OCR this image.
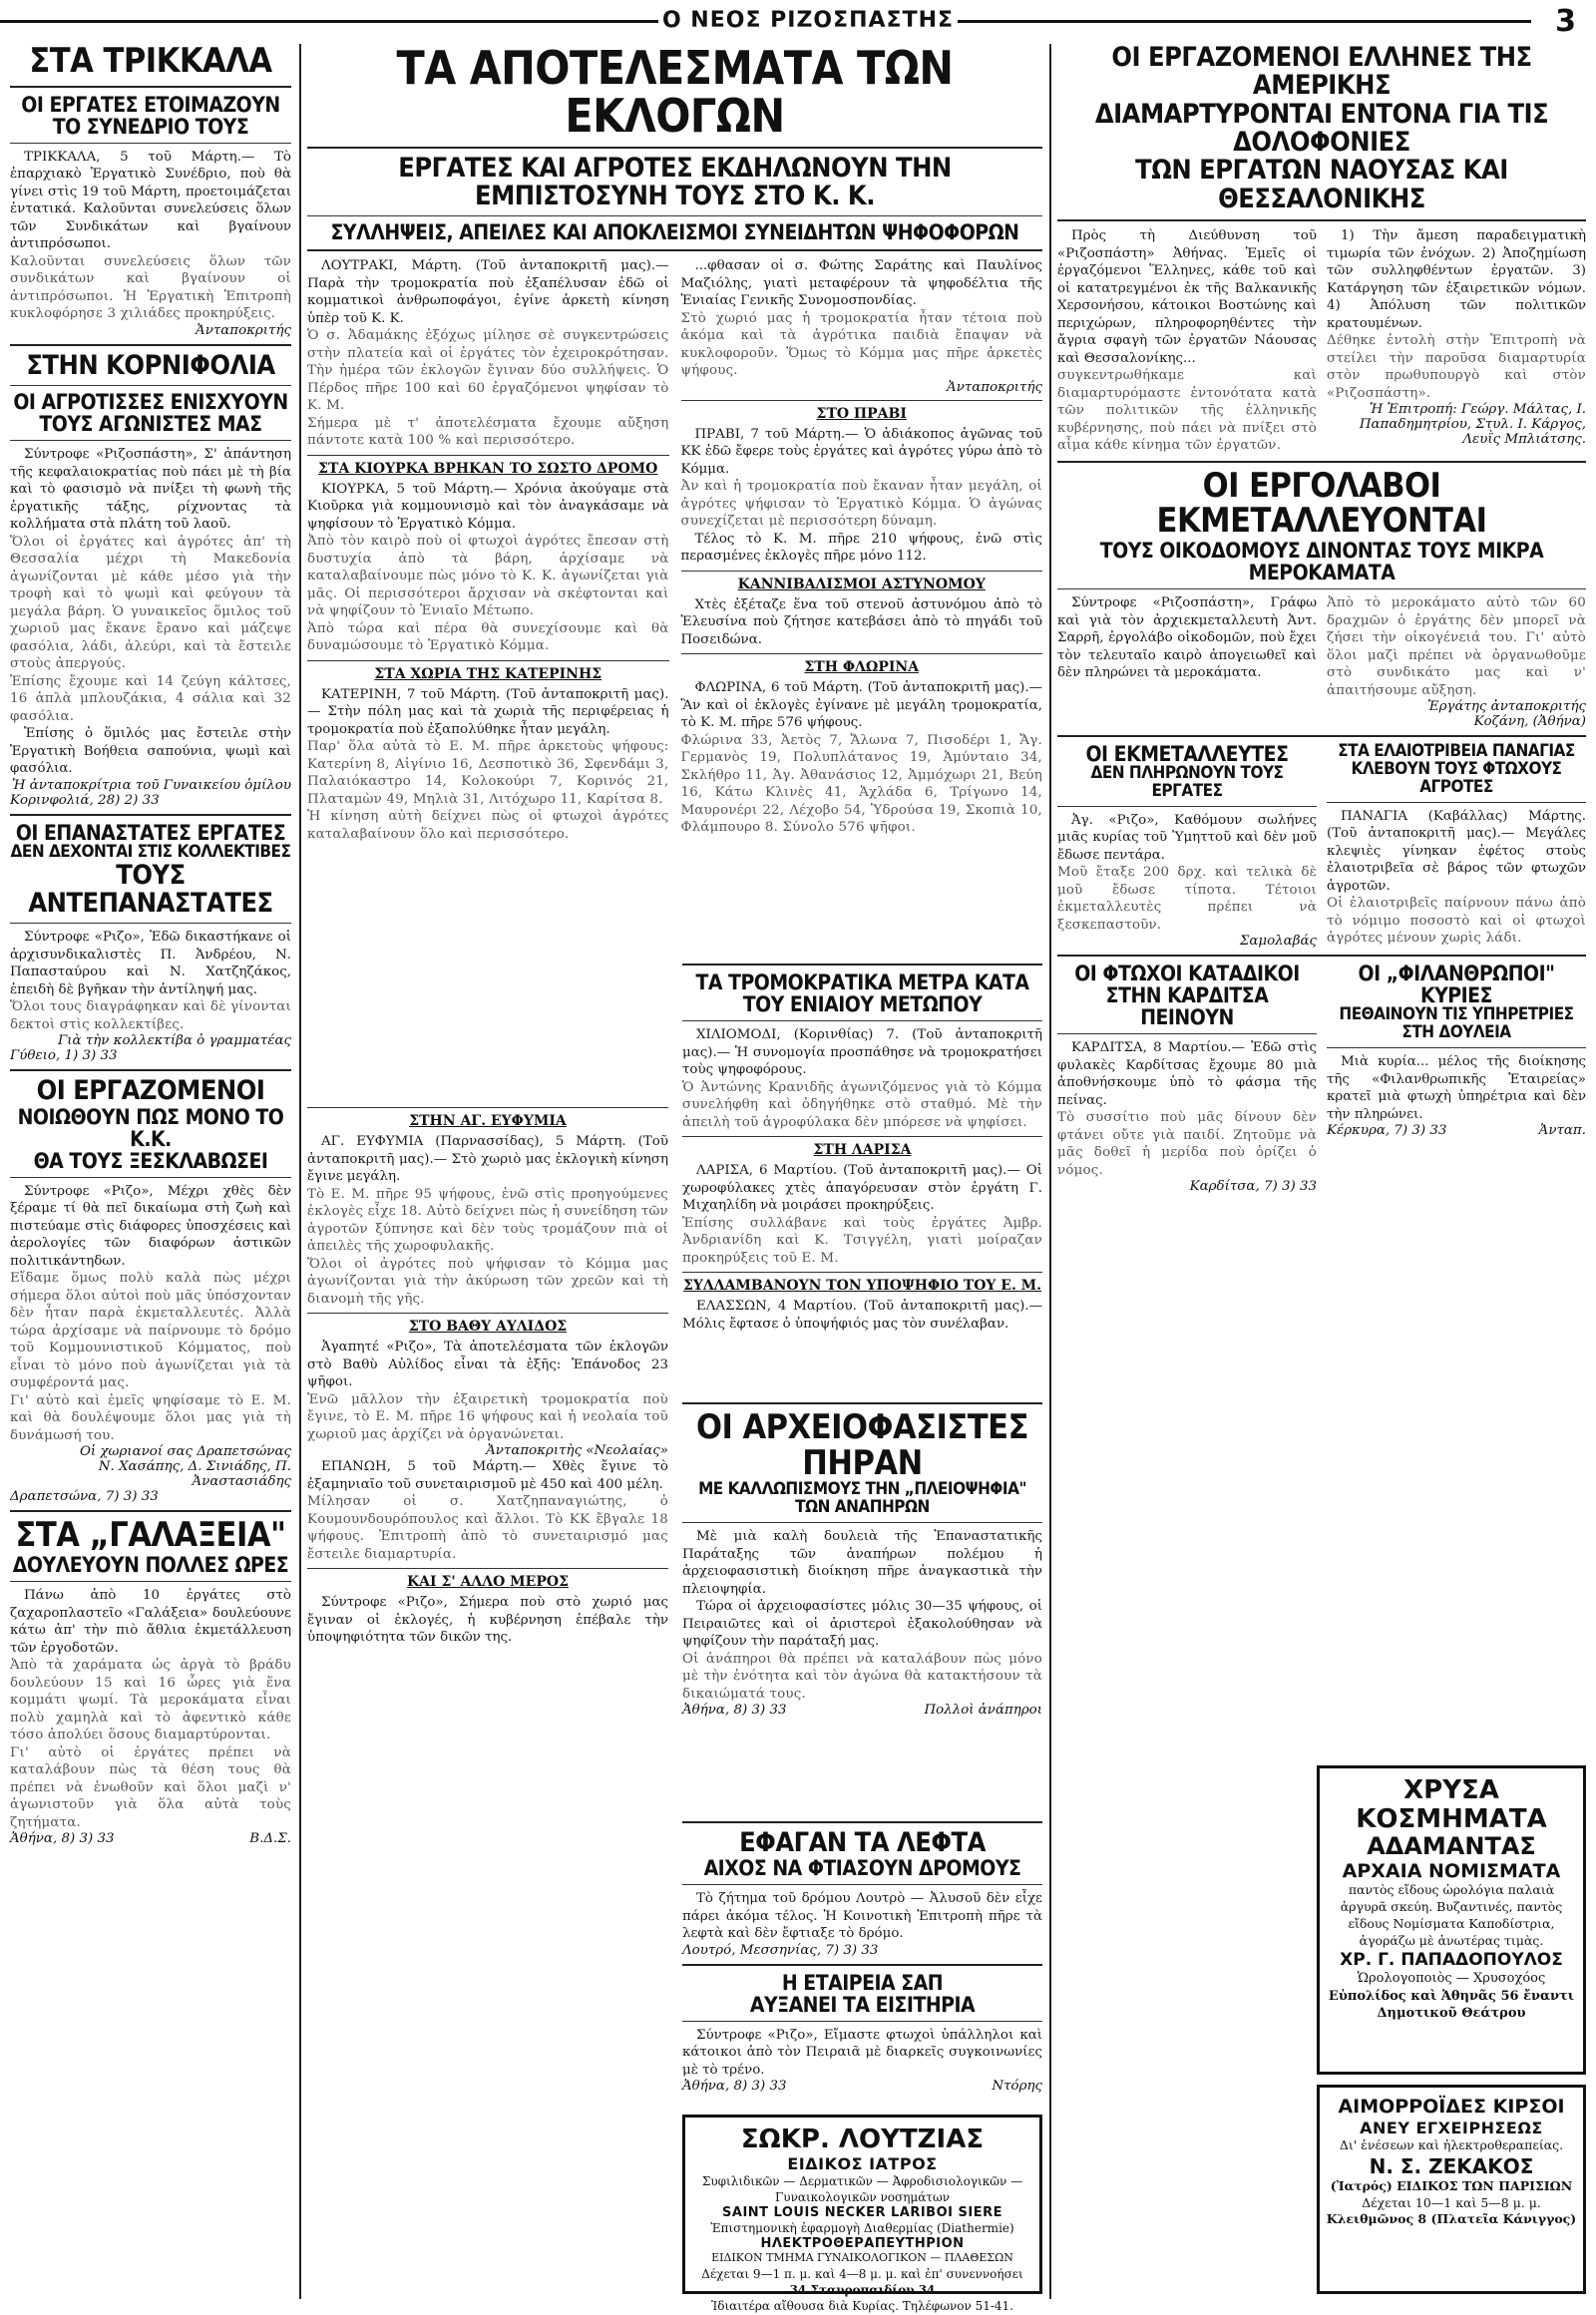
Ο ΝΕΟΣ ΡΙΖΟΣΠΑΣΤΗΣ	3
ΣΤΑ ΤΡΙΚΚΑΛΑ
ΟΙ ΕΡΓΑΤΕΣ ΕΤΟΙΜΑΖΟΥΝ ΤΟ ΣΥΝΕΔΡΙΟ ΤΟΥΣ

ΤΡΙΚΚΑΛΑ, 5 τοῦ Μάρτη.— Τὸ ἐπαρχιακὸ Ἐργατικὸ Συνέδριο, ποὺ θὰ γίνει στὶς 19 τοῦ Μάρτη, προετοιμάζεται ἐντατικά. Καλοῦνται συνελεύσεις ὅλων τῶν Συνδικάτων καὶ βγαίνουν ἀντιπρόσωποι.

Καλοῦνται συνελεύσεις ὅλων τῶν συνδικάτων καὶ βγαίνουν οἱ ἀντιπρόσωποι. Ἡ Ἐργατικὴ Ἐπιτροπὴ κυκλοφόρησε 3 χιλιάδες προκηρύξεις.
Ἀνταποκριτής
ΣΤΗΝ ΚΟΡΝΙΦΟΛΙΑ
ΟΙ ΑΓΡΟΤΙΣΣΕΣ ΕΝΙΣΧΥΟΥΝ ΤΟΥΣ ΑΓΩΝΙΣΤΕΣ ΜΑΣ

Σύντροφε «Ριζοσπάστη», Σ' ἀπάντηση τῆς κεφαλαιοκρατίας ποὺ πάει μὲ τὴ βία καὶ τὸ φασισμὸ νὰ πνίξει τὴ φωνὴ τῆς ἐργατικῆς τάξης, ρίχνοντας τὰ κολλήματα στὰ πλάτη τοῦ λαοῦ.

Ὅλοι οἱ ἐργάτες καὶ ἀγρότες ἀπ' τὴ Θεσσαλία μέχρι τὴ Μακεδονία ἀγωνίζονται μὲ κάθε μέσο γιὰ τὴν τροφὴ καὶ τὸ ψωμὶ καὶ φεύγουν τὰ μεγάλα βάρη. Ὁ γυναικεῖος ὅμιλος τοῦ χωριοῦ μας ἔκανε ἔρανο καὶ μάζεψε φασόλια, λάδι, ἀλεύρι, καὶ τὰ ἔστειλε στοὺς ἀπεργούς.
Ἐπίσης ἔχουμε καὶ 14 ζεύγη κάλτσες, 16 ἁπλὰ μπλουζάκια, 4 σάλια καὶ 32 φασόλια.

Ἐπίσης ὁ ὅμιλός μας ἔστειλε στὴν Ἐργατικὴ Βοήθεια σαπούνια, ψωμὶ καὶ φασόλια.

Ἡ ἀνταποκρίτρια τοῦ Γυναικείου ὁμίλου
Κορινφολιά, 28) 2) 33
ΟΙ ΕΠΑΝΑΣΤΑΤΕΣ ΕΡΓΑΤΕΣ
ΔΕΝ ΔΕΧΟΝΤΑΙ ΣΤΙΣ ΚΟΛΛΕΚΤΙΒΕΣ
ΤΟΥΣ ΑΝΤΕΠΑΝΑΣΤΑΤΕΣ

Σύντροφε «Ριζο», Ἐδῶ δικαστήκανε οἱ ἀρχισυνδικαλιστὲς Π. Ἀνδρέου, Ν. Παπασταύρου καὶ Ν. Χατζηζάκος, ἐπειδὴ δὲ βγῆκαν τὴν ἀντίληψή μας.

Ὅλοι τους διαγράφηκαν καὶ δὲ γίνονται δεκτοὶ στὶς κολλεκτίβες.
Γιὰ τὴν κολλεκτίβα ὁ γραμματέας
Γύθειο, 1) 3) 33
ΟΙ ΕΡΓΑΖΟΜΕΝΟΙ
ΝΟΙΩΘΟΥΝ ΠΩΣ ΜΟΝΟ ΤΟ Κ.Κ.
ΘΑ ΤΟΥΣ ΞΕΣΚΛΑΒΩΣΕΙ

Σύντροφε «Ριζο», Μέχρι χθὲς δὲν ξέραμε τί θὰ πεῖ δικαίωμα στὴ ζωὴ καὶ πιστεύαμε στὶς διάφορες ὑποσχέσεις καὶ ἀερολογίες τῶν διαφόρων ἀστικῶν πολιτικάντηδων.

Εἴδαμε ὅμως πολὺ καλὰ πὼς μέχρι σήμερα ὅλοι αὐτοὶ ποὺ μᾶς ὑπόσχονταν δὲν ἦταν παρὰ ἐκμεταλλευτές. Ἀλλὰ τώρα ἀρχίσαμε νὰ παίρνουμε τὸ δρόμο τοῦ Κομμουνιστικοῦ Κόμματος, ποὺ εἶναι τὸ μόνο ποὺ ἀγωνίζεται γιὰ τὰ συμφέροντά μας.
Γι' αὐτὸ καὶ ἐμεῖς ψηφίσαμε τὸ Ε. Μ. καὶ θὰ δουλέψουμε ὅλοι μας γιὰ τὴ δυνάμωσή του.
Οἱ χωριανοί σας Δραπετσώνας
Ν. Χασάπης, Δ. Σινιάδης, Π. Ἀναστασιάδης
Δραπετσώνα, 7) 3) 33
ΣΤΑ „ΓΑΛΑΞΕΙΑ"
ΔΟΥΛΕΥΟΥΝ ΠΟΛΛΕΣ ΩΡΕΣ

Πάνω ἀπὸ 10 ἐργάτες στὸ ζαχαροπλαστεῖο «Γαλάξεια» δουλεύουνε κάτω ἀπ' τὴν πιὸ ἄθλια ἐκμετάλλευση τῶν ἐργοδοτῶν.

Ἀπὸ τὰ χαράματα ὡς ἀργὰ τὸ βράδυ δουλεύουν 15 καὶ 16 ὧρες γιὰ ἕνα κομμάτι ψωμί. Τὰ μεροκάματα εἶναι πολὺ χαμηλὰ καὶ τὸ ἀφεντικὸ κάθε τόσο ἀπολύει ὅσους διαμαρτύρονται.
Γι' αὐτὸ οἱ ἐργάτες πρέπει νὰ καταλάβουν πὼς τὰ θέση τους θὰ πρέπει νὰ ἑνωθοῦν καὶ ὅλοι μαζὶ ν' ἀγωνιστοῦν γιὰ ὅλα αὐτὰ τοὺς ζητήματα.
Ἀθήνα, 8) 3) 33	Β.Δ.Σ.
ΤΑ ΑΠΟΤΕΛΕΣΜΑΤΑ ΤΩΝ ΕΚΛΟΓΩΝ
ΕΡΓΑΤΕΣ ΚΑΙ ΑΓΡΟΤΕΣ ΕΚΔΗΛΩΝΟΥΝ ΤΗΝ ΕΜΠΙΣΤΟΣΥΝΗ ΤΟΥΣ ΣΤΟ Κ. Κ.
ΣΥΛΛΗΨΕΙΣ, ΑΠΕΙΛΕΣ ΚΑΙ ΑΠΟΚΛΕΙΣΜΟΙ ΣΥΝΕΙΔΗΤΩΝ ΨΗΦΟΦΟΡΩΝ

ΛΟΥΤΡΑΚΙ, Μάρτη. (Τοῦ ἀνταποκριτῆ μας).— Παρὰ τὴν τρομοκρατία ποὺ ἐξαπέλυσαν ἐδῶ οἱ κομματικοὶ ἀνθρωποφάγοι, ἐγίνε ἀρκετὴ κίνηση ὑπὲρ τοῦ Κ. Κ.

Ὁ σ. Ἀδαμάκης ἐξόχως μίλησε σὲ συγκεντρώσεις στὴν πλατεία καὶ οἱ ἐργάτες τὸν ἐχειροκρότησαν. Τὴν ἡμέρα τῶν ἐκλογῶν ἔγιναν δύο συλλήψεις. Ὁ Πέρδος πῆρε 100 καὶ 60 ἐργαζόμενοι ψηφίσαν τὸ Κ. Μ.
Σήμερα μὲ τ' ἀποτελέσματα ἔχουμε αὔξηση πάντοτε κατὰ 100 % καὶ περισσότερο.
ΣΤΑ ΚΙΟΥΡΚΑ ΒΡΗΚΑΝ ΤΟ ΣΩΣΤΟ ΔΡΟΜΟ

ΚΙΟΥΡΚΑ, 5 τοῦ Μάρτη.— Χρόνια ἀκούγαμε στὰ Κιοῦρκα γιὰ κομμουνισμὸ καὶ τὸν ἀναγκάσαμε νὰ ψηφίσουν τὸ Ἐργατικὸ Κόμμα.

Ἀπὸ τὸν καιρὸ ποὺ οἱ φτωχοὶ ἀγρότες ἔπεσαν στὴ δυστυχία ἀπὸ τὰ βάρη, ἀρχίσαμε νὰ καταλαβαίνουμε πὼς μόνο τὸ Κ. Κ. ἀγωνίζεται γιὰ μᾶς. Οἱ περισσότεροι ἄρχισαν νὰ σκέφτονται καὶ νὰ ψηφίζουν τὸ Ἑνιαῖο Μέτωπο.
Ἀπὸ τώρα καὶ πέρα θὰ συνεχίσουμε καὶ θὰ δυναμώσουμε τὸ Ἐργατικὸ Κόμμα.
ΣΤΑ ΧΩΡΙΑ ΤΗΣ ΚΑΤΕΡΙΝΗΣ

ΚΑΤΕΡΙΝΗ, 7 τοῦ Μάρτη. (Τοῦ ἀνταποκριτῆ μας).— Στὴν πόλη μας καὶ τὰ χωριὰ τῆς περιφέρειας ἡ τρομοκρατία ποὺ ἐξαπολύθηκε ἦταν μεγάλη.

Παρ' ὅλα αὐτὰ τὸ Ε. Μ. πῆρε ἀρκετοὺς ψήφους: Κατερίνη 8, Αἰγίνιο 16, Δεσποτικὸ 36, Σφενδάμι 3, Παλαιόκαστρο 14, Κολοκούρι 7, Κορινός 21, Πλαταμὼν 49, Μηλιὰ 31, Λιτόχωρο 11, Καρίτσα 8.
Ἡ κίνηση αὐτὴ δείχνει πὼς οἱ φτωχοὶ ἀγρότες καταλαβαίνουν ὅλο καὶ περισσότερο.

...φθασαν οἱ σ. Φώτης Σαράτης καὶ Παυλίνος Μαζιόλης, γιατὶ μεταφέρουν τὰ ψηφοδέλτια τῆς Ἑνιαίας Γενικῆς Συνομοσπονδίας.

Στὸ χωριό μας ἡ τρομοκρατία ἦταν τέτοια ποὺ ἀκόμα καὶ τὰ ἀγρότικα παιδιὰ ἔπαψαν νὰ κυκλοφοροῦν. Ὅμως τὸ Κόμμα μας πῆρε ἀρκετὲς ψήφους.
Ἀνταποκριτής
ΣΤΟ ΠΡΑΒΙ

ΠΡΑΒΙ, 7 τοῦ Μάρτη.— Ὁ ἀδιάκοπος ἀγῶνας τοῦ ΚΚ ἐδῶ ἔφερε τοὺς ἐργάτες καὶ ἀγρότες γύρω ἀπὸ τὸ Κόμμα.

Ἀν καὶ ἡ τρομοκρατία ποὺ ἔκαναν ἦταν μεγάλη, οἱ ἀγρότες ψήφισαν τὸ Ἐργατικὸ Κόμμα. Ὁ ἀγώνας συνεχίζεται μὲ περισσότερη δύναμη.

Τέλος τὸ Κ. Μ. πῆρε 210 ψήφους, ἐνῶ στὶς περασμένες ἐκλογὲς πῆρε μόνο 112.

ΚΑΝΝΙΒΑΛΙΣΜΟΙ ΑΣΤΥΝΟΜΟΥ

Χτὲς ἐξέταζε ἕνα τοῦ στενοῦ ἀστυνόμου ἀπὸ τὸ Ἑλευσίνα ποὺ ζήτησε κατεβάσει ἀπὸ τὸ πηγάδι τοῦ Ποσειδώνα.

ΣΤΗ ΦΛΩΡΙΝΑ

ΦΛΩΡΙΝΑ, 6 τοῦ Μάρτη. (Τοῦ ἀνταποκριτῆ μας).— Ἂν καὶ οἱ ἐκλογὲς ἐγίνανε μὲ μεγάλη τρομοκρατία, τὸ Κ. Μ. πῆρε 576 ψήφους.

Φλώρινα 33, Ἀετὸς 7, Ἄλωνα 7, Πισοδέρι 1, Ἄγ. Γερμανὸς 19, Πολυπλάτανος 19, Ἀμύνταιο 34, Σκλήθρο 11, Ἀγ. Ἀθανάσιος 12, Ἀμμόχωρι 21, Βεύη 16, Κάτω Κλινὲς 41, Ἀχλάδα 6, Τρίγωνο 14, Μαυρονέρι 22, Λέχοβο 54, Ὑδρούσα 19, Σκοπιὰ 10, Φλάμπουρο 8. Σύνολο 576 ψῆφοι.
ΣΤΗΝ ΑΓ. ΕΥΦΥΜΙΑ

ΑΓ. ΕΥΦΥΜΙΑ (Παρνασσίδας), 5 Μάρτη. (Τοῦ ἀνταποκριτῆ μας).— Στὸ χωριὸ μας ἐκλογικὴ κίνηση ἔγινε μεγάλη.

Τὸ Ε. Μ. πῆρε 95 ψήφους, ἐνῶ στὶς προηγούμενες ἐκλογὲς εἶχε 18. Αὐτὸ δείχνει πὼς ἡ συνείδηση τῶν ἀγροτῶν ξύπνησε καὶ δὲν τοὺς τρομάζουν πιὰ οἱ ἀπειλὲς τῆς χωροφυλακῆς.
Ὅλοι οἱ ἀγρότες ποὺ ψήφισαν τὸ Κόμμα μας ἀγωνίζονται γιὰ τὴν ἀκύρωση τῶν χρεῶν καὶ τὴ διανομὴ τῆς γῆς.
ΣΤΟ ΒΑΘΥ ΑΥΛΙΔΟΣ

Ἀγαπητέ «Ριζο», Τὰ ἀποτελέσματα τῶν ἐκλογῶν στὸ Βαθὺ Αὐλίδος εἶναι τὰ ἑξῆς: Ἐπάνοδος 23 ψῆφοι.

Ἐνῶ μᾶλλον τὴν ἐξαιρετικὴ τρομοκρατία ποὺ ἔγινε, τὸ Ε. Μ. πῆρε 16 ψήφους καὶ ἡ νεολαία τοῦ χωριοῦ μας ἀρχίζει νὰ ὀργανώνεται.
Ἀνταποκριτὴς «Νεολαίας»

ΕΠΑΝΩΗ, 5 τοῦ Μάρτη.— Χθὲς ἔγινε τὸ ἐξαμηνιαῖο τοῦ συνεταιρισμοῦ μὲ 450 καὶ 400 μέλη.

Μίλησαν οἱ σ. Χατζηπαναγιώτης, ὁ Κουμουνδουρόπουλος καὶ ἄλλοι. Τὸ ΚΚ ἔβγαλε 18 ψήφους. Ἐπιτροπὴ ἀπὸ τὸ συνεταιρισμό μας ἔστειλε διαμαρτυρία.
ΚΑΙ Σ' ΑΛΛΟ ΜΕΡΟΣ

Σύντροφε «Ριζο», Σήμερα ποὺ στὸ χωριό μας ἔγιναν οἱ ἐκλογές, ἡ κυβέρνηση ἐπέβαλε τὴν ὑποψηφιότητα τῶν δικῶν της.

ΤΑ ΤΡΟΜΟΚΡΑΤΙΚΑ ΜΕΤΡΑ ΚΑΤΑ ΤΟΥ ΕΝΙΑΙΟΥ ΜΕΤΩΠΟΥ

ΧΙΛΙΟΜΟΔΙ, (Κορινθίας) 7. (Τοῦ ἀνταποκριτῆ μας).— Ἡ συνομογία προσπάθησε νὰ τρομοκρατήσει τοὺς ψηφοφόρους.

Ὁ Ἀντώνης Κρανιδῆς ἀγωνιζόμενος γιὰ τὸ Κόμμα συνελήφθη καὶ ὁδηγήθηκε στὸ σταθμό. Μὲ τὴν ἀπειλὴ τοῦ ἀγροφύλακα δὲν μπόρεσε νὰ ψηφίσει.
ΣΤΗ ΛΑΡΙΣΑ

ΛΑΡΙΣΑ, 6 Μαρτίου. (Τοῦ ἀνταποκριτῆ μας).— Οἱ χωροφύλακες χτὲς ἀπαγόρευσαν στὸν ἐργάτη Γ. Μιχαηλίδη νὰ μοιράσει προκηρύξεις.

Ἐπίσης συλλάβανε καὶ τοὺς ἐργάτες Ἀμβρ. Ἀνδριανίδη καὶ Κ. Τσιγγέλη, γιατὶ μοίραζαν προκηρύξεις τοῦ Ε. Μ.
ΣΥΛΛΑΜΒΑΝΟΥΝ ΤΟΝ ΥΠΟΨΗΦΙΟ ΤΟΥ Ε. Μ.

ΕΛΑΣΣΩΝ, 4 Μαρτίου. (Τοῦ ἀνταποκριτῆ μας).— Μόλις ἔφτασε ὁ ὑποψήφιός μας τὸν συνέλαβαν.

ΟΙ ΑΡΧΕΙΟΦΑΣΙΣΤΕΣ ΠΗΡΑΝ
ΜΕ ΚΑΛΛΩΠΙΣΜΟΥΣ ΤΗΝ „ΠΛΕΙΟΨΗΦΙΑ" ΤΩΝ ΑΝΑΠΗΡΩΝ

Μὲ μιὰ καλὴ δουλειὰ τῆς Ἐπαναστατικῆς Παράταξης τῶν ἀναπήρων πολέμου ἡ ἀρχειοφασιστικὴ διοίκηση πῆρε ἀναγκαστικὰ τὴν πλειοψηφία.

Τώρα οἱ ἀρχειοφασίστες μόλις 30—35 ψήφους, οἱ Πειραιῶτες καὶ οἱ ἀριστεροὶ ἐξακολούθησαν νὰ ψηφίζουν τὴν παράταξή μας.

Οἱ ἀνάπηροι θὰ πρέπει νὰ καταλάβουν πὼς μόνο μὲ τὴν ἑνότητα καὶ τὸν ἀγώνα θὰ κατακτήσουν τὰ δικαιώματά τους.
Ἀθήνα, 8) 3) 33	Πολλοὶ ἀνάπηροι
ΕΦΑΓΑΝ ΤΑ ΛΕΦΤΑ
ΑΙΧΟΣ ΝΑ ΦΤΙΑΣΟΥΝ ΔΡΟΜΟΥΣ

Τὸ ζήτημα τοῦ δρόμου Λουτρὸ — Ἀλυσοῦ δὲν εἶχε πάρει ἀκόμα τέλος. Ἡ Κοινοτικὴ Ἐπιτροπὴ πῆρε τὰ λεφτὰ καὶ δὲν ἔφτιαξε τὸ δρόμο.

Λουτρό, Μεσσηνίας, 7) 3) 33
Η ΕΤΑΙΡΕΙΑ ΣΑΠ
ΑΥΞΑΝΕΙ ΤΑ ΕΙΣΙΤΗΡΙΑ

Σύντροφε «Ριζο», Εἴμαστε φτωχοὶ ὑπάλληλοι καὶ κάτοικοι ἀπὸ τὸν Πειραιᾶ μὲ διαρκεῖς συγκοινωνίες μὲ τὸ τρένο.

Ἀθήνα, 8) 3) 33	Ντόρης
ΣΩΚΡ. ΛΟΥΤΖΙΑΣ
ΕΙΔΙΚΟΣ ΙΑΤΡΟΣ
Συφιλιδικῶν — Δερματικῶν — Ἀφροδισιολογικῶν — Γυναικολογικῶν νοσημάτων
SAINT LOUIS NECKER LARIBOI SIERE
Ἐπιστημονικὴ ἐφαρμογὴ Διαθερμίας (Diathermie)
ΗΛΕΚΤΡΟΘΕΡΑΠΕΥΤΗΡΙΟΝ
ΕΙΔΙΚΟΝ ΤΜΗΜΑ ΓΥΝΑΙΚΟΛΟΓΙΚΟΝ — ΠΛΑΘΕΣΩΝ
Δέχεται 9—1 π. μ. καὶ 4—8 μ. μ. καὶ ἐπ' συνεννοήσει
34 Σταυροπαιδίου 34
Ἰδιαιτέρα αἴθουσα διὰ Κυρίας. Τηλέφωνον 51-41.
ΟΙ ΕΡΓΑΖΟΜΕΝΟΙ ΕΛΛΗΝΕΣ ΤΗΣ ΑΜΕΡΙΚΗΣ
ΔΙΑΜΑΡΤΥΡΟΝΤΑΙ ΕΝΤΟΝΑ ΓΙΑ ΤΙΣ ΔΟΛΟΦΟΝΙΕΣ
ΤΩΝ ΕΡΓΑΤΩΝ ΝΑΟΥΣΑΣ ΚΑΙ ΘΕΣΣΑΛΟΝΙΚΗΣ

Πρὸς τὴ Διεύθυνση τοῦ «Ριζοσπάστη» Ἀθήνας. Ἐμεῖς οἱ ἐργαζόμενοι Ἕλληνες, κάθε τοῦ καὶ οἱ κατατρεγμένοι ἐκ τῆς Βαλκανικῆς Χερσονήσου, κάτοικοι Βοστώνης καὶ περιχώρων, πληροφορηθέντες τὴν ἄγρια σφαγὴ τῶν ἐργατῶν Νάουσας καὶ Θεσσαλονίκης...

συγκεντρωθήκαμε καὶ διαμαρτυρόμαστε ἐντονότατα κατὰ τῶν πολιτικῶν τῆς ἑλληνικῆς κυβέρνησης, ποὺ πάει νὰ πνίξει στὸ αἷμα κάθε κίνημα τῶν ἐργατῶν.

1) Τὴν ἄμεση παραδειγματικὴ τιμωρία τῶν ἐνόχων. 2) Ἀποζημίωση τῶν συλληφθέντων ἐργατῶν. 3) Κατάργηση τῶν ἐξαιρετικῶν νόμων. 4) Ἀπόλυση τῶν πολιτικῶν κρατουμένων.

Δέθηκε ἐντολὴ στὴν Ἐπιτροπὴ νὰ στείλει τὴν παροῦσα διαμαρτυρία στὸν πρωθυπουργὸ καὶ στὸν «Ριζοσπάστη».
Ἡ Ἐπιτροπή: Γεώργ. Μάλτας, Ι. Παπαδημητρίου, Στυλ. Ι. Κάργος, Λευῒς Μπλιάτσης.
ΟΙ ΕΡΓΟΛΑΒΟΙ ΕΚΜΕΤΑΛΛΕΥΟΝΤΑΙ
ΤΟΥΣ ΟΙΚΟΔΟΜΟΥΣ ΔΙΝΟΝΤΑΣ ΤΟΥΣ ΜΙΚΡΑ ΜΕΡΟΚΑΜΑΤΑ

Σύντροφε «Ριζοσπάστη», Γράφω καὶ γιὰ τὸν ἀρχιεκμεταλλευτὴ Ἀντ. Σαρρῆ, ἐργολάβο οἰκοδομῶν, ποὺ ἔχει τὸν τελευταῖο καιρὸ ἀπογειωθεῖ καὶ δὲν πληρώνει τὰ μεροκάματα.

Ἀπὸ τὸ μεροκάματο αὐτὸ τῶν 60 δραχμῶν ὁ ἐργάτης δὲν μπορεῖ νὰ ζήσει τὴν οἰκογένειά του. Γι' αὐτὸ ὅλοι μαζὶ πρέπει νὰ ὀργανωθοῦμε στὸ συνδικάτο μας καὶ ν' ἀπαιτήσουμε αὔξηση.
Ἐργάτης ἀνταποκριτής
Κοζάνη, (Ἀθήνα)
ΟΙ ΕΚΜΕΤΑΛΛΕΥΤΕΣ
ΔΕΝ ΠΛΗΡΩΝΟΥΝ ΤΟΥΣ ΕΡΓΑΤΕΣ

Ἀγ. «Ριζο», Καθόμουν σωλήνες μιᾶς κυρίας τοῦ Ὑμηττοῦ καὶ δὲν μοῦ ἔδωσε πεντάρα.

Μοῦ ἔταξε 200 δρχ. καὶ τελικὰ δὲ μοῦ ἔδωσε τίποτα. Τέτοιοι ἐκμεταλλευτὲς πρέπει νὰ ξεσκεπαστοῦν.
Σαμολαβάς
ΣΤΑ ΕΛΑΙΟΤΡΙΒΕΙΑ ΠΑΝΑΓΙΑΣ
ΚΛΕΒΟΥΝ ΤΟΥΣ ΦΤΩΧΟΥΣ ΑΓΡΟΤΕΣ

ΠΑΝΑΓΙΑ (Καβάλλας) Μάρτης. (Τοῦ ἀνταποκριτῆ μας).— Μεγάλες κλεψιὲς γίνηκαν ἐφέτος στοὺς ἐλαιοτριβεῖα σὲ βάρος τῶν φτωχῶν ἀγροτῶν.

Οἱ ἐλαιοτριβεῖς παίρνουν πάνω ἀπὸ τὸ νόμιμο ποσοστὸ καὶ οἱ φτωχοὶ ἀγρότες μένουν χωρὶς λάδι.
ΟΙ ΦΤΩΧΟΙ ΚΑΤΑΔΙΚΟΙ
ΣΤΗΝ ΚΑΡΔΙΤΣΑ ΠΕΙΝΟΥΝ

ΚΑΡΔΙΤΣΑ, 8 Μαρτίου.— Ἐδῶ στὶς φυλακὲς Καρδίτσας ἔχουμε 80 μιὰ ἀποθνήσκουμε ὑπὸ τὸ φάσμα τῆς πείνας.

Τὸ συσσίτιο ποὺ μᾶς δίνουν δὲν φτάνει οὔτε γιὰ παιδί. Ζητοῦμε νὰ μᾶς δοθεῖ ἡ μερίδα ποὺ ὁρίζει ὁ νόμος.
Καρδίτσα, 7) 3) 33
ΟΙ „ΦΙΛΑΝΘΡΩΠΟΙ" ΚΥΡΙΕΣ
ΠΕΘΑΙΝΟΥΝ ΤΙΣ ΥΠΗΡΕΤΡΙΕΣ ΣΤΗ ΔΟΥΛΕΙΑ

Μιὰ κυρία... μέλος τῆς διοίκησης τῆς «Φιλανθρωπικῆς Ἑταιρείας» κρατεῖ μιὰ φτωχὴ ὑπηρέτρια καὶ δὲν τὴν πληρώνει.

Κέρκυρα, 7) 3) 33	Ἀνταπ.
ΧΡΥΣΑ ΚΟΣΜΗΜΑΤΑ
ΑΔΑΜΑΝΤΑΣ
ΑΡΧΑΙΑ ΝΟΜΙΣΜΑΤΑ
παντὸς εἴδους ὡρολόγια παλαιὰ ἀργυρᾶ σκεύη. Βυζαντινές, παντὸς εἴδους Νομίσματα Καποδίστρια, ἀγοράζω μὲ ἀνωτέρας τιμὰς.
ΧΡ. Γ. ΠΑΠΑΔΟΠΟΥΛΟΣ
Ὡρολογοποιὸς — Χρυσοχόος
Εὐπολίδος καὶ Ἀθηνᾶς 56 ἔναντι Δημοτικοῦ Θεάτρου
ΑΙΜΟΡΡΟΪΔΕΣ ΚΙΡΣΟΙ
ΑΝΕΥ ΕΓΧΕΙΡΗΣΕΩΣ
Δι' ἐνέσεων καὶ ἠλεκτροθεραπείας.
Ν. Σ. ΖΕΚΑΚΟΣ
(Ἰατρός) ΕΙΔΙΚΟΣ ΤΩΝ ΠΑΡΙΣΙΩΝ
Δέχεται 10—1 καὶ 5—8 μ. μ.
Κλειθμῶνος 8 (Πλατεῖα Κάνιγγος)
